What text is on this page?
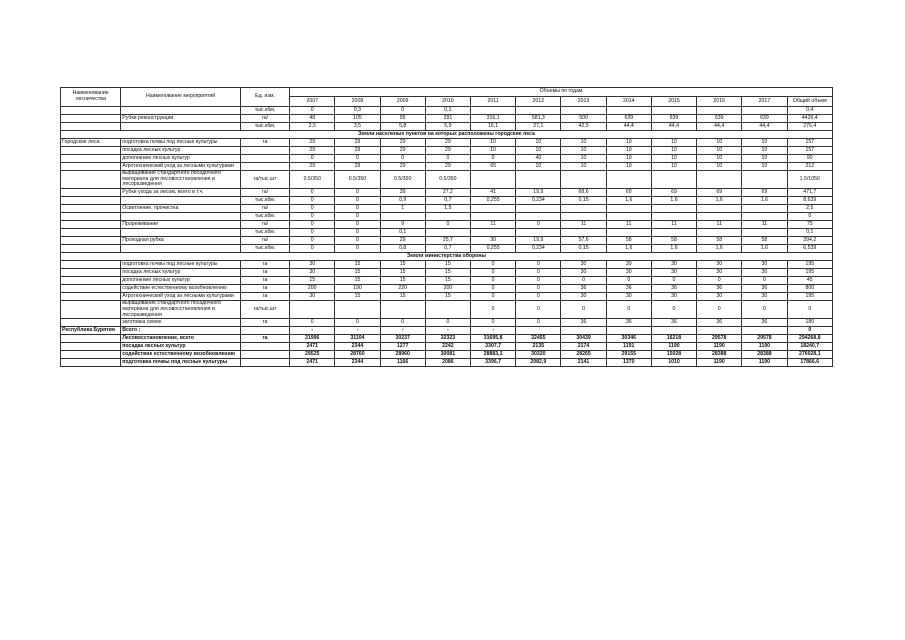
Наименование лесничества	Наименование мероприятий	Ед. изм.	Объемы по годам											
			2007	2008	2009	2010	2011	2012	2013	2014	2015	2016	2017	Общий объем
		тыс.кбм.	0	0,3	0	0,1								0,4
	Рубки реконструкции	га/	48	105	95	291	316,1	581,3	500	639	639	639	639	4426,4
		тыс.кбм.	2,5	3,5	5,8	5,9	16,1	27,1	42,5	44,4	44,4	44,4	44,4	276,4
Земли населеных пунктов на которых расположены городские леса														
Городские леса	подготовка почвы под лесные культуры	га	29	29	29	29	10	10	10	10	10	10	10	157
	посадка лесных культур		29	29	29	29	10	10	10	10	10	10	10	157
	дополнение лесных культур		0	0	0	0	0	40	10	10	10	10	10	90
	Агротехнический уход за лесными культурами		29	29	29	29	65	10	10	10	10	10	10	212
	выращивание стандартного посадочного материала для лесовосстановления и лесоразведения	га/тыс.шт	0.5/350	0.5/350	0.5/350	0.5/350								1.5/1050
	Рубки ухода за лесом, всего в т.ч.	га/	0	0	39	27,2	41	19,9	68,6	69	69	69	69	471,7
		тыс.кбм.	0	0	0,9	0,7	0,255	0,234	0,15	1,6	1,6	1,6	1,6	8,639
	Осветление, прочистка	га/	0	0	1	1,5								2,5
		тыс.кбм.	0	0										0
	Прореживание	га/	0	0	9	0	11	0	11	11	11	11	11	75
		тыс.кбм.	0	0	0,1									0,1
	Проходная рубка	га/	0	0	29	25,7	30	19,9	57,6	58	58	58	58	394,2
		тыс.кбм.	0	0	0,8	0,7	0,255	0,234	0,15	1,6	1,6	1,6	1,6	6,539
Земли министерства обороны														
	подготовка почвы под лесные культуры	га	30	15	15	15	0	0	30	30	30	30	30	195
	посадка лесных культур	га	30	15	15	15	0	0	30	30	30	30	30	195
	дополнение лесных культур	га	15	15	15	15	0	0	0	0	0	0	0	45
	содействие естественному возобновлению	га	200	190	220	200	0	0	36	36	36	36	36	800
	Агротехнический уход за лесными культурами	га	30	15	15	15	0	0	30	30	30	30	30	195
	выращивание стандартного посадочного материала для лесовосстановления и лесоразведения	га/тыс.шт					0	0	0	0	0	0	0	0
	заготовка семян	га	0	0	0	0	0	0	36	36	36	36	36	180
Республика Бурятия	Всего :		-	-	-	-	-							0
	Лесовосстановление, всего	га	31996	31104	30237	32323	31695,8	32455	30439	30346	16218	29578	29578	294268,8
	посадка лесных культур		2471	2344	1277	2242	3307,7	2135	2174	1191	1190	1190	1190	18240,7
	содействие естественному возобновлению		29525	28760	28960	30081	28883,1	30320	28265	29155	15028	28388	28388	276028,1
	подготовка почвы под лесные культуры		2471	2344	1166	2086	3396,7	2082,9	2141	1370	1010	1190	1190	17866,6
